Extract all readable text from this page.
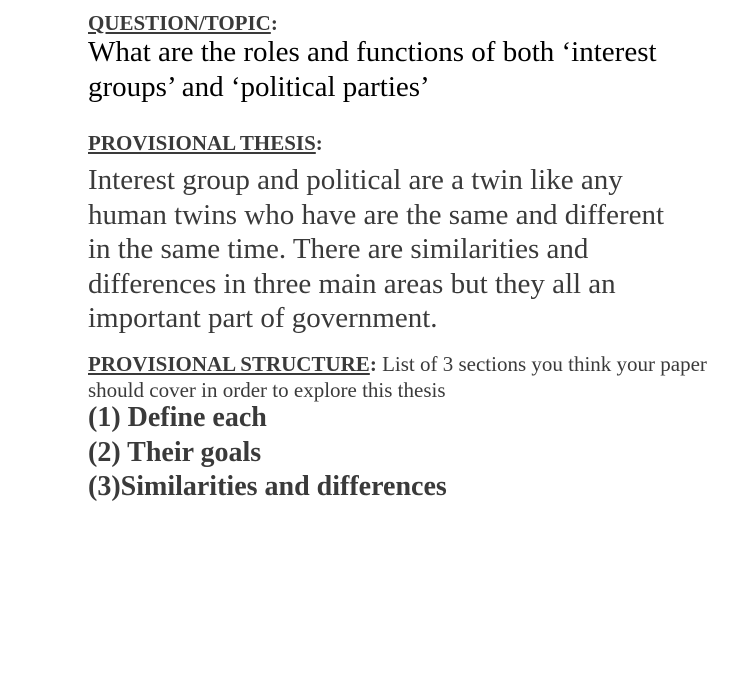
QUESTION/TOPIC:
What are the roles and functions of both ‘interest groups’ and ‘political parties’
PROVISIONAL THESIS:
Interest group and political are a twin like any human twins who have are the same and different in the same time. There are similarities and differences in three main areas but they all an important part of government.
PROVISIONAL STRUCTURE: List of 3 sections you think your paper should cover in order to explore this thesis
(1) Define each
(2) Their goals
(3)Similarities and differences
